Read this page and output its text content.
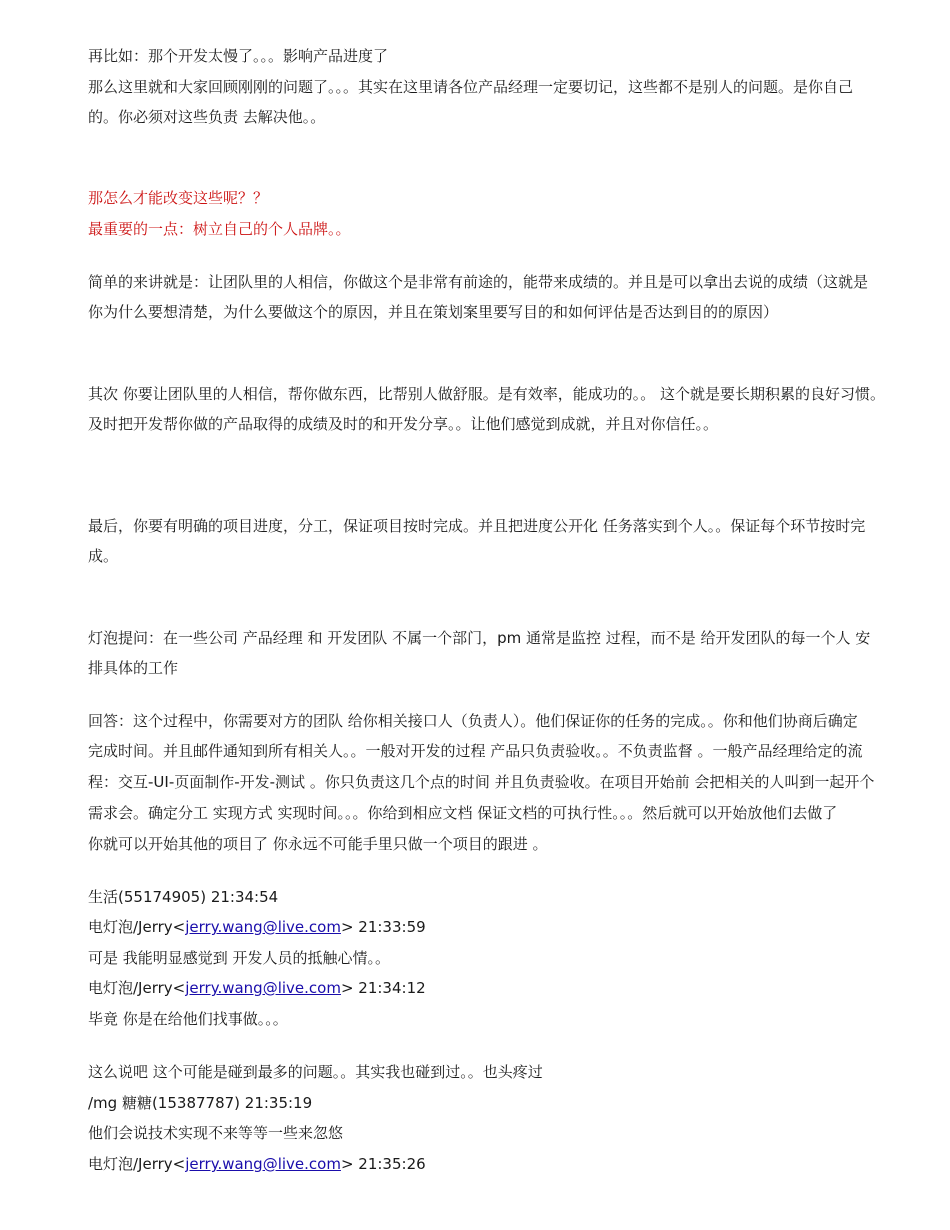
再比如：那个开发太慢了。。。影响产品进度了
那么这里就和大家回顾刚刚的问题了。。。其实在这里请各位产品经理一定要切记，这些都不是别人的问题。是你自己
的。你必须对这些负责 去解决他。。
那怎么才能改变这些呢？？
最重要的一点：树立自己的个人品牌。。
简单的来讲就是：让团队里的人相信，你做这个是非常有前途的，能带来成绩的。并且是可以拿出去说的成绩（这就是
你为什么要想清楚，为什么要做这个的原因，并且在策划案里要写目的和如何评估是否达到目的的原因）
其次 你要让团队里的人相信，帮你做东西，比帮别人做舒服。是有效率，能成功的。。 这个就是要长期积累的良好习惯。
及时把开发帮你做的产品取得的成绩及时的和开发分享。。让他们感觉到成就，并且对你信任。。
最后，你要有明确的项目进度，分工，保证项目按时完成。并且把进度公开化 任务落实到个人。。保证每个环节按时完
成。
灯泡提问：在一些公司 产品经理 和 开发团队 不属一个部门，pm 通常是监控 过程，而不是 给开发团队的每一个人 安
排具体的工作
回答：这个过程中，你需要对方的团队 给你相关接口人（负责人）。他们保证你的任务的完成。。你和他们协商后确定
完成时间。并且邮件通知到所有相关人。。一般对开发的过程 产品只负责验收。。不负责监督 。一般产品经理给定的流
程：交互-UI-页面制作-开发-测试 。你只负责这几个点的时间 并且负责验收。在项目开始前 会把相关的人叫到一起开个
需求会。确定分工 实现方式 实现时间。。。你给到相应文档 保证文档的可执行性。。。然后就可以开始放他们去做了
你就可以开始其他的项目了 你永远不可能手里只做一个项目的跟进 。
生活(55174905) 21:34:54
电灯泡/Jerry<jerry.wang@live.com> 21:33:59
可是 我能明显感觉到 开发人员的抵触心情。。
电灯泡/Jerry<jerry.wang@live.com> 21:34:12
毕竟 你是在给他们找事做。。。
这么说吧 这个可能是碰到最多的问题。。其实我也碰到过。。也头疼过
/mg 糖糖(15387787) 21:35:19
他们会说技术实现不来等等一些来忽悠
电灯泡/Jerry<jerry.wang@live.com> 21:35:26
